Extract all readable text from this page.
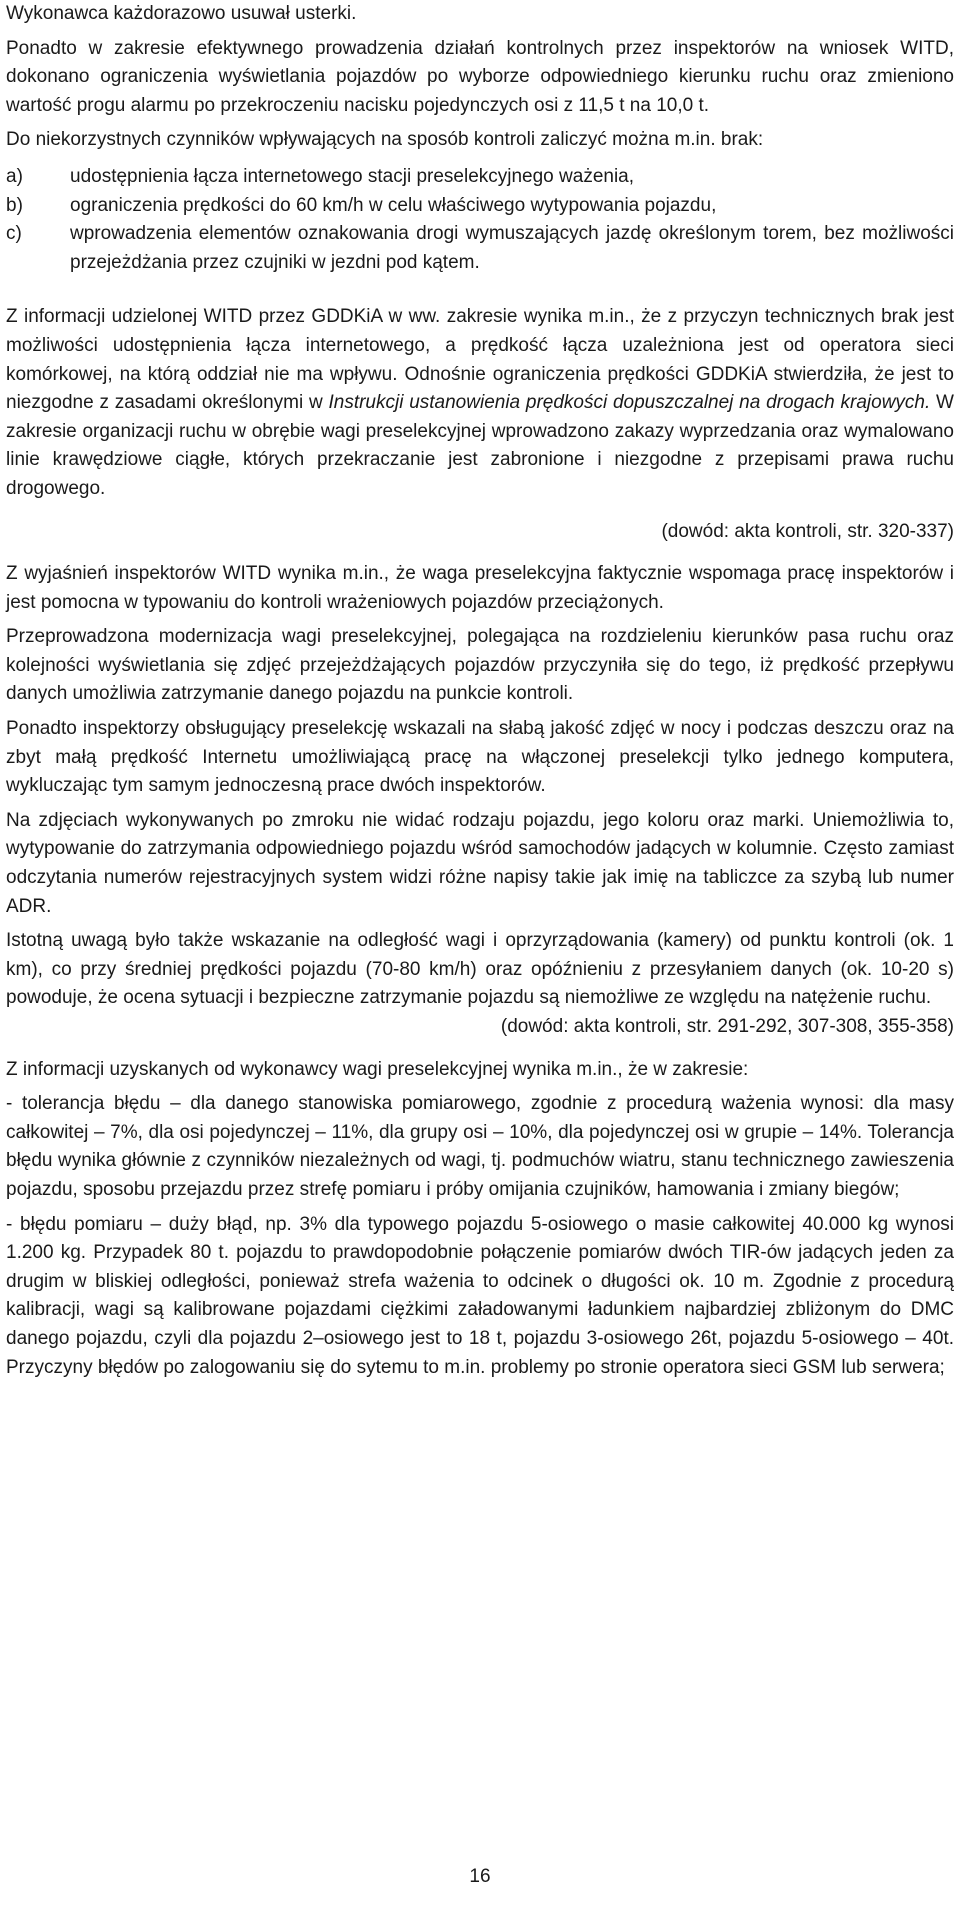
Wykonawca każdorazowo usuwał usterki.

Ponadto w zakresie efektywnego prowadzenia działań kontrolnych przez inspektorów na wniosek WITD, dokonano ograniczenia wyświetlania pojazdów po wyborze odpowiedniego kierunku ruchu oraz zmieniono wartość progu alarmu po przekroczeniu nacisku pojedynczych osi z 11,5 t na 10,0 t.

Do niekorzystnych czynników wpływających na sposób kontroli zaliczyć można m.in. brak:

a)	udostępnienia łącza internetowego stacji preselekcyjnego ważenia,
b)	ograniczenia prędkości do 60 km/h w celu właściwego wytypowania pojazdu,
c)	wprowadzenia elementów oznakowania drogi wymuszających jazdę określonym torem, bez możliwości przejeżdżania przez czujniki w jezdni pod kątem.

Z informacji udzielonej WITD przez GDDKiA w ww. zakresie wynika m.in., że z przyczyn technicznych brak jest możliwości udostępnienia łącza internetowego, a prędkość łącza uzależniona jest od operatora sieci komórkowej, na którą oddział nie ma wpływu. Odnośnie ograniczenia prędkości GDDKiA stwierdziła, że jest to niezgodne z zasadami określonymi w Instrukcji ustanowienia prędkości dopuszczalnej na drogach krajowych. W zakresie organizacji ruchu w obrębie wagi preselekcyjnej wprowadzono zakazy wyprzedzania oraz wymalowano linie krawędziowe ciągłe, których przekraczanie jest zabronione i niezgodne z przepisami prawa ruchu drogowego.

(dowód: akta kontroli, str. 320-337)

Z wyjaśnień inspektorów WITD wynika m.in., że waga preselekcyjna faktycznie wspomaga pracę inspektorów i jest pomocna w typowaniu do kontroli wrażeniowych pojazdów przeciążonych.

Przeprowadzona modernizacja wagi preselekcyjnej, polegająca na rozdzieleniu kierunków pasa ruchu oraz kolejności wyświetlania się zdjęć przejeżdżających pojazdów przyczyniła się do tego, iż prędkość przepływu danych umożliwia zatrzymanie danego pojazdu na punkcie kontroli.

Ponadto inspektorzy obsługujący preselekcję wskazali na słabą jakość zdjęć w nocy i podczas deszczu oraz na zbyt małą prędkość Internetu umożliwiającą pracę na włączonej preselekcji tylko jednego komputera, wykluczając tym samym jednoczesną prace dwóch inspektorów.

Na zdjęciach wykonywanych po zmroku nie widać rodzaju pojazdu, jego koloru oraz marki. Uniemożliwia to, wytypowanie do zatrzymania odpowiedniego pojazdu wśród samochodów jadących w kolumnie. Często zamiast odczytania numerów rejestracyjnych system widzi różne napisy takie jak imię na tabliczce za szybą lub numer ADR.

Istotną uwagą było także wskazanie na odległość wagi i oprzyrządowania (kamery) od punktu kontroli (ok. 1 km), co przy średniej prędkości pojazdu (70-80 km/h) oraz opóźnieniu z przesyłaniem danych (ok. 10-20 s) powoduje, że ocena sytuacji i bezpieczne zatrzymanie pojazdu są niemożliwe ze względu na natężenie ruchu.

(dowód: akta kontroli, str. 291-292, 307-308, 355-358)

Z informacji uzyskanych od wykonawcy wagi preselekcyjnej wynika m.in., że w zakresie:

- tolerancja błędu – dla danego stanowiska pomiarowego, zgodnie z procedurą ważenia wynosi: dla masy całkowitej – 7%, dla osi pojedynczej – 11%, dla grupy osi – 10%, dla pojedynczej osi w grupie – 14%. Tolerancja błędu wynika głównie z czynników niezależnych od wagi, tj. podmuchów wiatru, stanu technicznego zawieszenia pojazdu, sposobu przejazdu przez strefę pomiaru i próby omijania czujników, hamowania i zmiany biegów;

- błędu pomiaru – duży błąd, np. 3% dla typowego pojazdu 5-osiowego o masie całkowitej 40.000 kg wynosi 1.200 kg. Przypadek 80 t. pojazdu to prawdopodobnie połączenie pomiarów dwóch TIR-ów jadących jeden za drugim w bliskiej odległości, ponieważ strefa ważenia to odcinek o długości ok. 10 m. Zgodnie z procedurą kalibracji, wagi są kalibrowane pojazdami ciężkimi załadowanymi ładunkiem najbardziej zbliżonym do DMC danego pojazdu, czyli dla pojazdu 2–osiowego jest to 18 t, pojazdu 3-osiowego 26t, pojazdu 5-osiowego – 40t. Przyczyny błędów po zalogowaniu się do sytemu to m.in. problemy po stronie operatora sieci GSM lub serwera;

16
